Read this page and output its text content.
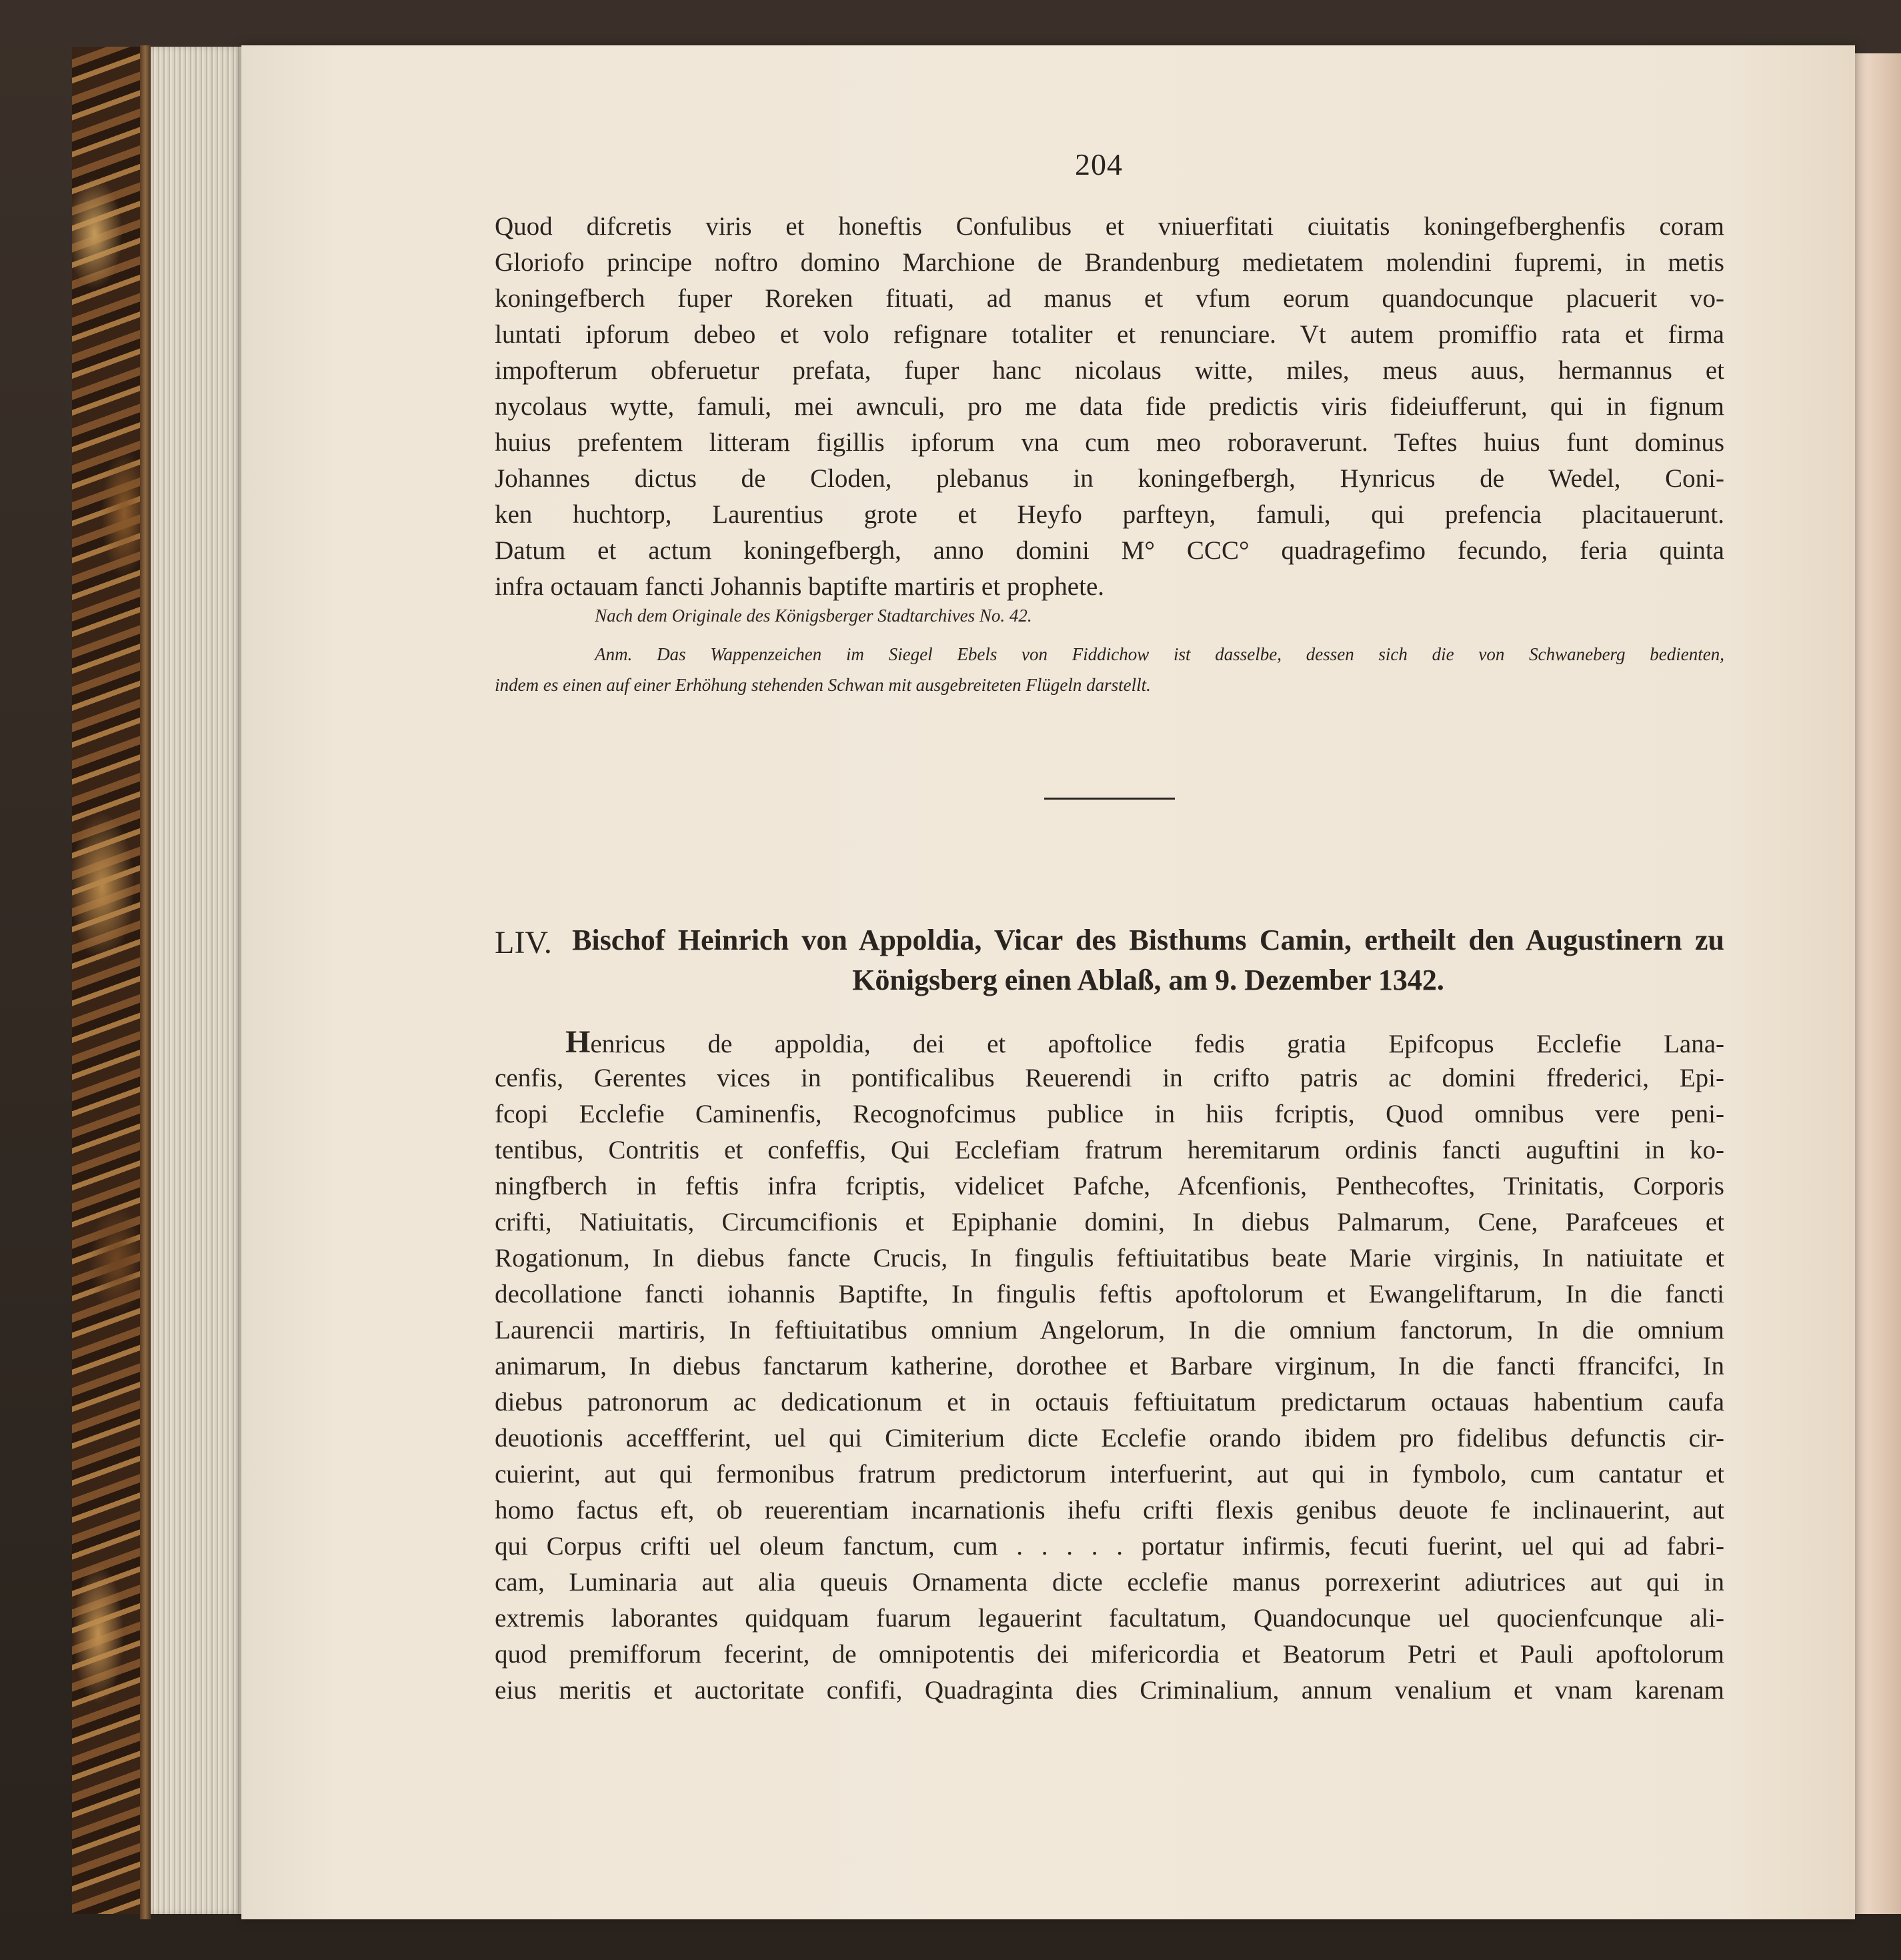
204
Quod difcretis viris et honeftis Confulibus et vniuerfitati ciuitatis koningefberghenfis coram
Gloriofo principe noftro domino Marchione de Brandenburg medietatem molendini fupremi, in metis
koningefberch fuper Roreken fituati, ad manus et vfum eorum quandocunque placuerit vo-
luntati ipforum debeo et volo refignare totaliter et renunciare. Vt autem promiffio rata et firma
impofterum obferuetur prefata, fuper hanc nicolaus witte, miles, meus auus, hermannus et
nycolaus wytte, famuli, mei awnculi, pro me data fide predictis viris fideiufferunt, qui in fignum
huius prefentem litteram figillis ipforum vna cum meo roboraverunt. Teftes huius funt dominus
Johannes dictus de Cloden, plebanus in koningefbergh, Hynricus de Wedel, Coni-
ken huchtorp, Laurentius grote et Heyfo parfteyn, famuli, qui prefencia placitauerunt.
Datum et actum koningefbergh, anno domini M° CCC° quadragefimo fecundo, feria quinta
infra octauam fancti Johannis baptifte martiris et prophete.
Nach dem Originale des Königsberger Stadtarchives No. 42.
Anm. Das Wappenzeichen im Siegel Ebels von Fiddichow ist dasselbe, dessen sich die von Schwaneberg bedienten,
indem es einen auf einer Erhöhung stehenden Schwan mit ausgebreiteten Flügeln darstellt.
LIV. Bischof Heinrich von Appoldia, Vicar des Bisthums Camin, ertheilt den Augustinern zu
Königsberg einen Ablaß, am 9. Dezember 1342.
Henricus de appoldia, dei et apoftolice fedis gratia Epifcopus Ecclefie Lana-
cenfis, Gerentes vices in pontificalibus Reuerendi in crifto patris ac domini ffrederici, Epi-
fcopi Ecclefie Caminenfis, Recognofcimus publice in hiis fcriptis, Quod omnibus vere peni-
tentibus, Contritis et confeffis, Qui Ecclefiam fratrum heremitarum ordinis fancti auguftini in ko-
ningfberch in feftis infra fcriptis, videlicet Pafche, Afcenfionis, Penthecoftes, Trinitatis, Corporis
crifti, Natiuitatis, Circumcifionis et Epiphanie domini, In diebus Palmarum, Cene, Parafceues et
Rogationum, In diebus fancte Crucis, In fingulis feftiuitatibus beate Marie virginis, In natiuitate et
decollatione fancti iohannis Baptifte, In fingulis feftis apoftolorum et Ewangeliftarum, In die fancti
Laurencii martiris, In feftiuitatibus omnium Angelorum, In die omnium fanctorum, In die omnium
animarum, In diebus fanctarum katherine, dorothee et Barbare virginum, In die fancti ffrancifci, In
diebus patronorum ac dedicationum et in octauis feftiuitatum predictarum octauas habentium caufa
deuotionis acceffferint, uel qui Cimiterium dicte Ecclefie orando ibidem pro fidelibus defunctis cir-
cuierint, aut qui fermonibus fratrum predictorum interfuerint, aut qui in fymbolo, cum cantatur et
homo factus eft, ob reuerentiam incarnationis ihefu crifti flexis genibus deuote fe inclinauerint, aut
qui Corpus crifti uel oleum fanctum, cum . . . . . portatur infirmis, fecuti fuerint, uel qui ad fabri-
cam, Luminaria aut alia queuis Ornamenta dicte ecclefie manus porrexerint adiutrices aut qui in
extremis laborantes quidquam fuarum legauerint facultatum, Quandocunque uel quocienfcunque ali-
quod premifforum fecerint, de omnipotentis dei mifericordia et Beatorum Petri et Pauli apoftolorum
eius meritis et auctoritate confifi, Quadraginta dies Criminalium, annum venalium et vnam karenam
